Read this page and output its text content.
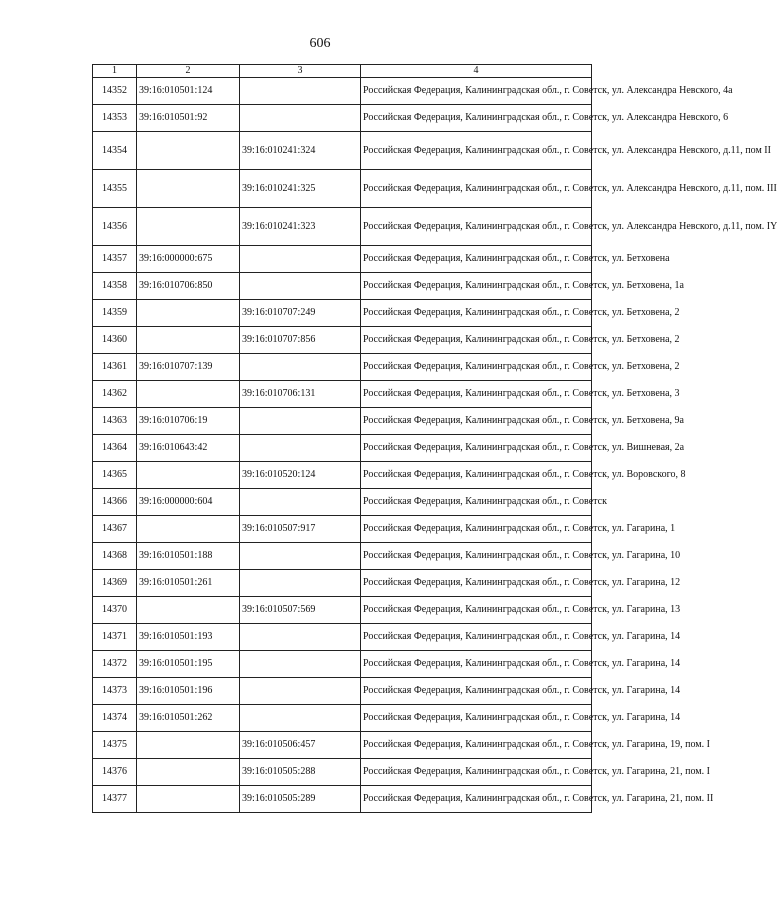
606
1	2	3	4
14352	39:16:010501:124		Российская Федерация, Калининградская обл., г. Советск, ул. Александра Невского, 4а
14353	39:16:010501:92		Российская Федерация, Калининградская обл., г. Советск, ул. Александра Невского, 6
14354		39:16:010241:324	Российская Федерация, Калининградская обл., г. Советск, ул. Александра Невского, д.11, пом II
14355		39:16:010241:325	Российская Федерация, Калининградская обл., г. Советск, ул. Александра Невского, д.11, пом. III
14356		39:16:010241:323	Российская Федерация, Калининградская обл., г. Советск, ул. Александра Невского, д.11, пом. IY
14357	39:16:000000:675		Российская Федерация, Калининградская обл., г. Советск, ул. Бетховена
14358	39:16:010706:850		Российская Федерация, Калининградская обл., г. Советск, ул. Бетховена, 1а
14359		39:16:010707:249	Российская Федерация, Калининградская обл., г. Советск, ул. Бетховена, 2
14360		39:16:010707:856	Российская Федерация, Калининградская обл., г. Советск, ул. Бетховена, 2
14361	39:16:010707:139		Российская Федерация, Калининградская обл., г. Советск, ул. Бетховена, 2
14362		39:16:010706:131	Российская Федерация, Калининградская обл., г. Советск, ул. Бетховена, 3
14363	39:16:010706:19		Российская Федерация, Калининградская обл., г. Советск, ул. Бетховена, 9а
14364	39:16:010643:42		Российская Федерация, Калининградская обл., г. Советск, ул. Вишневая, 2а
14365		39:16:010520:124	Российская Федерация, Калининградская обл., г. Советск, ул. Воровского, 8
14366	39:16:000000:604		Российская Федерация, Калининградская обл., г. Советск
14367		39:16:010507:917	Российская Федерация, Калининградская обл., г. Советск, ул. Гагарина, 1
14368	39:16:010501:188		Российская Федерация, Калининградская обл., г. Советск, ул. Гагарина, 10
14369	39:16:010501:261		Российская Федерация, Калининградская обл., г. Советск, ул. Гагарина, 12
14370		39:16:010507:569	Российская Федерация, Калининградская обл., г. Советск, ул. Гагарина, 13
14371	39:16:010501:193		Российская Федерация, Калининградская обл., г. Советск, ул. Гагарина, 14
14372	39:16:010501:195		Российская Федерация, Калининградская обл., г. Советск, ул. Гагарина, 14
14373	39:16:010501:196		Российская Федерация, Калининградская обл., г. Советск, ул. Гагарина, 14
14374	39:16:010501:262		Российская Федерация, Калининградская обл., г. Советск, ул. Гагарина, 14
14375		39:16:010506:457	Российская Федерация, Калининградская обл., г. Советск, ул. Гагарина, 19, пом. I
14376		39:16:010505:288	Российская Федерация, Калининградская обл., г. Советск, ул. Гагарина, 21, пом. I
14377		39:16:010505:289	Российская Федерация, Калининградская обл., г. Советск, ул. Гагарина, 21, пом. II
